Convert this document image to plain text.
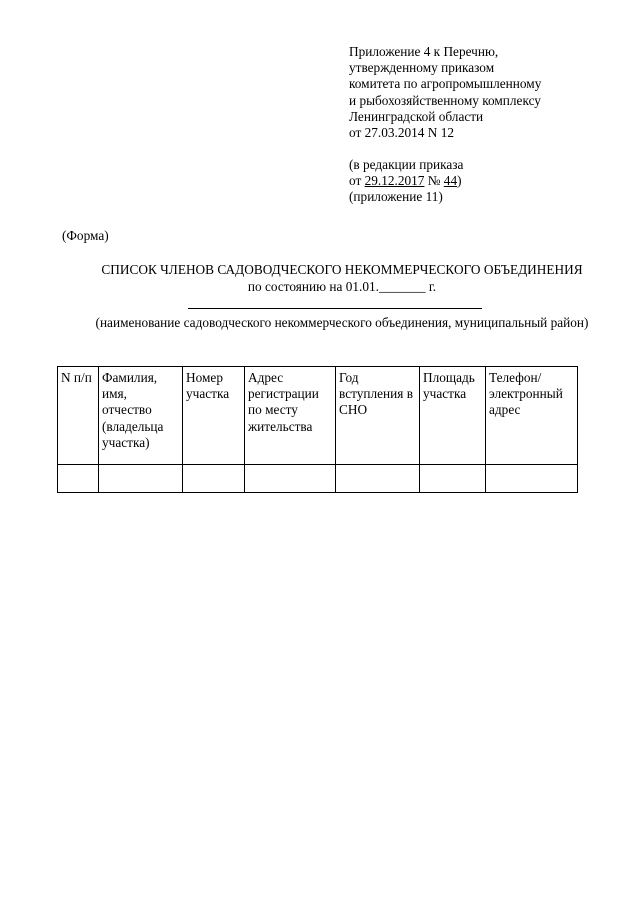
Приложение 4 к Перечню,
утвержденному приказом
комитета по агропромышленному
и рыбохозяйственному комплексу
Ленинградской области
от 27.03.2014 N 12
(в редакции приказа
от 29.12.2017 № 44)
(приложение 11)
(Форма)
СПИСОК ЧЛЕНОВ САДОВОДЧЕСКОГО НЕКОММЕРЧЕСКОГО ОБЪЕДИНЕНИЯ
по состоянию на 01.01._______ г.
(наименование садоводческого некоммерческого объединения, муниципальный район)
N п/п	Фамилия, имя, отчество (владельца участка)	Номер участка	Адрес регистрации по месту жительства	Год вступления в СНО	Площадь участка	Телефон/ электронный адрес
